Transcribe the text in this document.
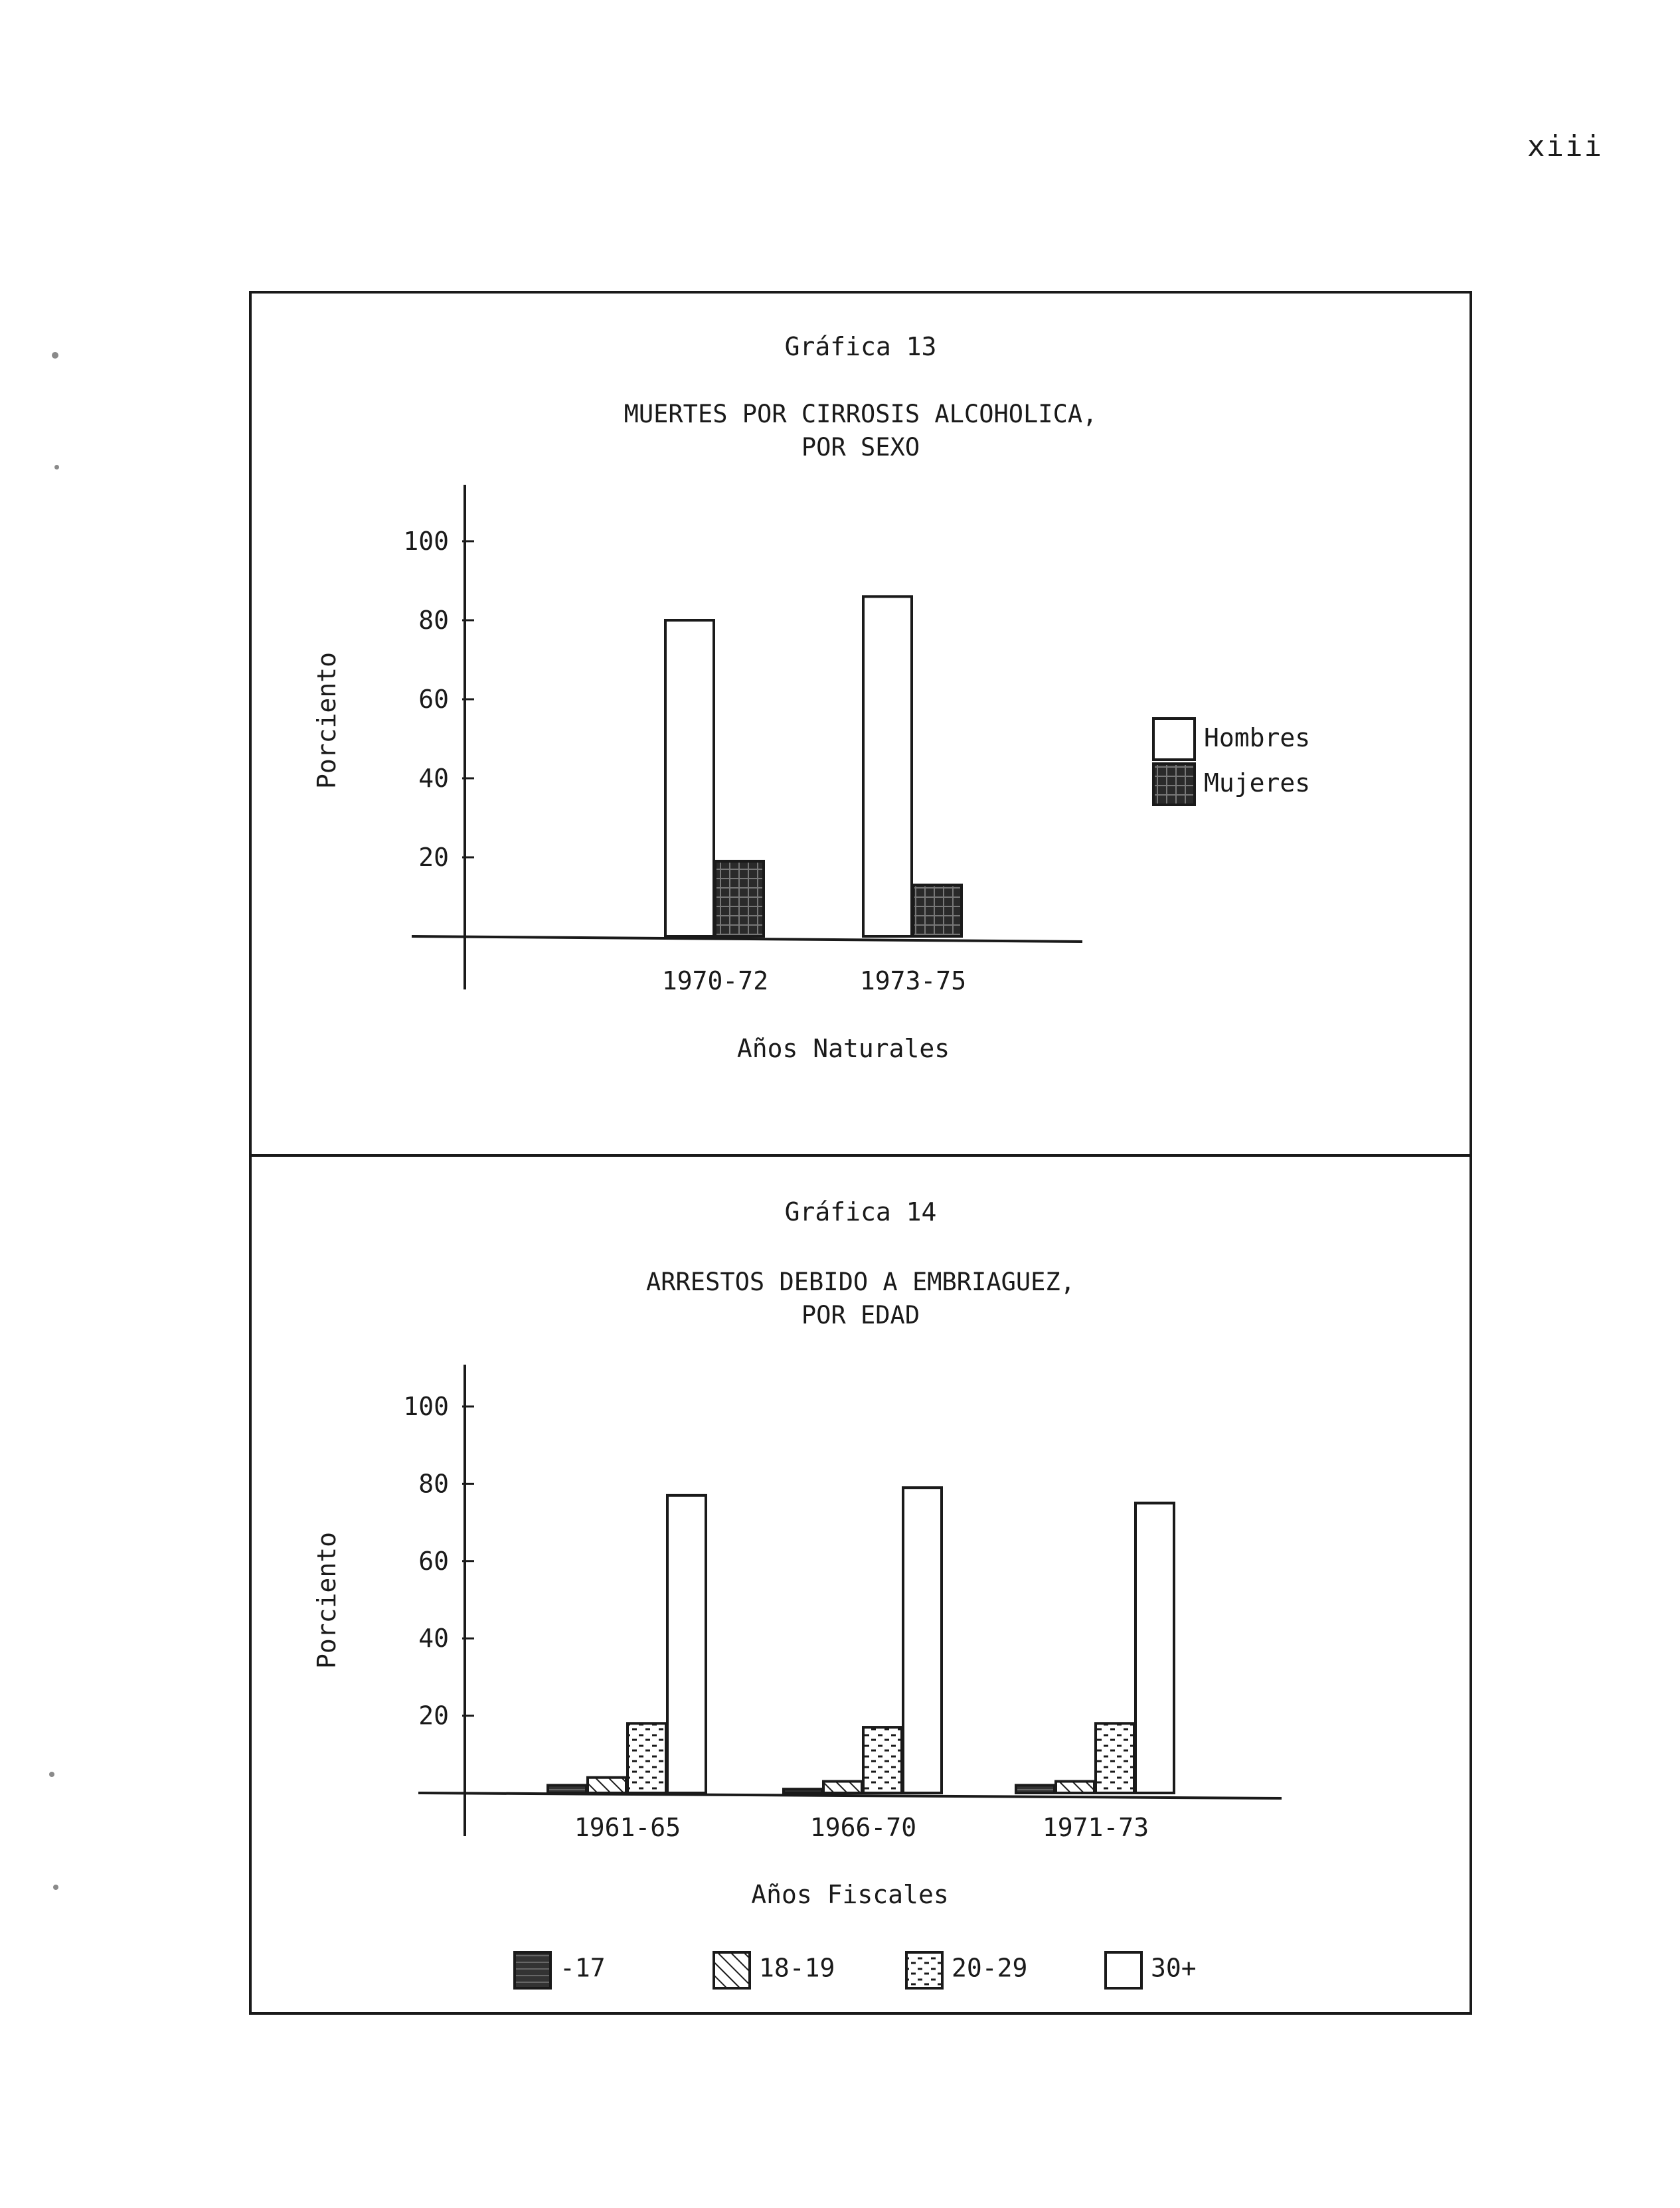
xiii
Gráfica 13
MUERTES POR CIRROSIS ALCOHOLICA,
POR SEXO
Porciento
Años Naturales
100
80
60
40
20
1970-72	1973-75
Hombres
Mujeres
Gráfica 14
ARRESTOS DEBIDO A EMBRIAGUEZ,
POR EDAD
Porciento
Años Fiscales
100
80
60
40
20
1961-65	1966-70	1971-73
-17	18-19	20-29	30+
